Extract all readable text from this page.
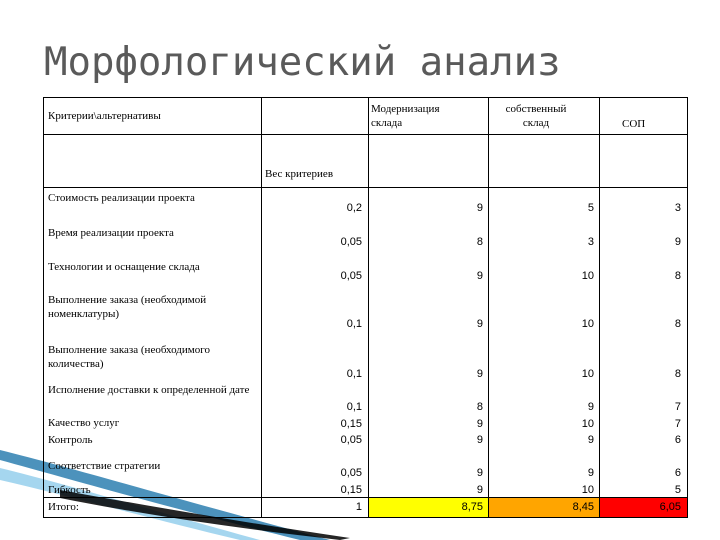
Морфологический анализ
Критерии\альтернативы
Модернизация склада
собственный склад	СОП
Вес критериев
Стоимость реализации проекта
Время реализации проекта
Технологии и оснащение склада
Выполнение заказа (необходимой номенклатуры)
Выполнение заказа (необходимого количества)
Исполнение доставки к определенной дате
Качество услуг
Контроль
Соответствие стратегии
Гибкость
Итого:
0,2
0,05
0,05
0,1
0,1
0,1
0,15
0,05
0,05
0,15
1
9
8
9
9
9
8
9
9
9
9
8,75
5
3
10
10
10
9
10
9
9
10
8,45
3
9
8
8
8
7
7
6
6
5
6,05
